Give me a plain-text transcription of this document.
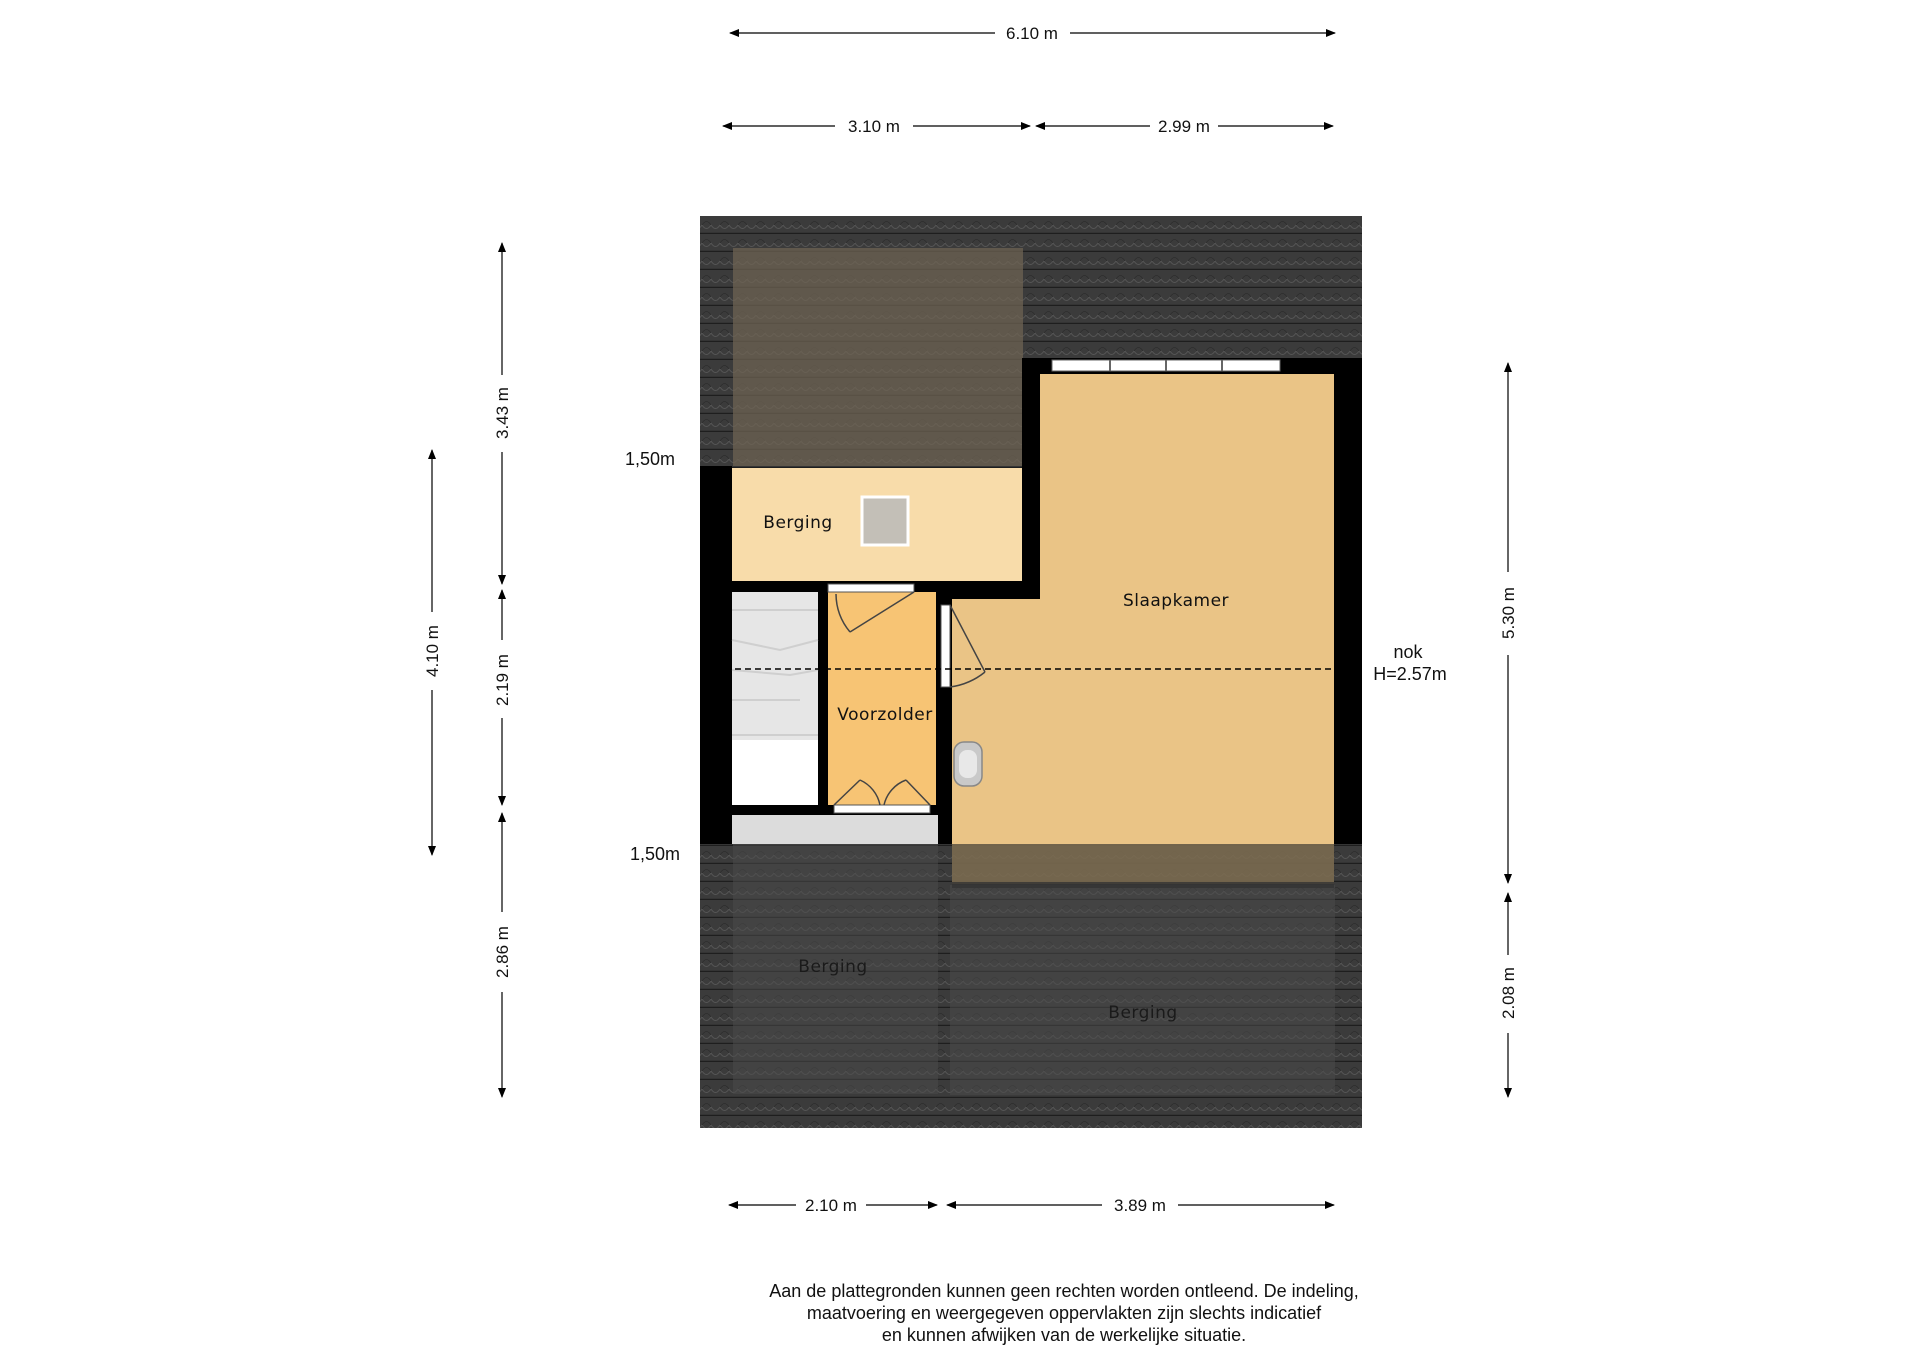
Berging
Slaapkamer
Voorzolder
Berging
Berging
1,50m
1,50m
nok
H=2.57m
6.10 m
3.10 m	2.99 m
2.10 m	3.89 m
3.43 m
2.19 m
2.86 m
4.10 m
5.30 m
2.08 m
Aan de plattegronden kunnen geen rechten worden ontleend. De indeling,
maatvoering en weergegeven oppervlakten zijn slechts indicatief
en kunnen afwijken van de werkelijke situatie.
